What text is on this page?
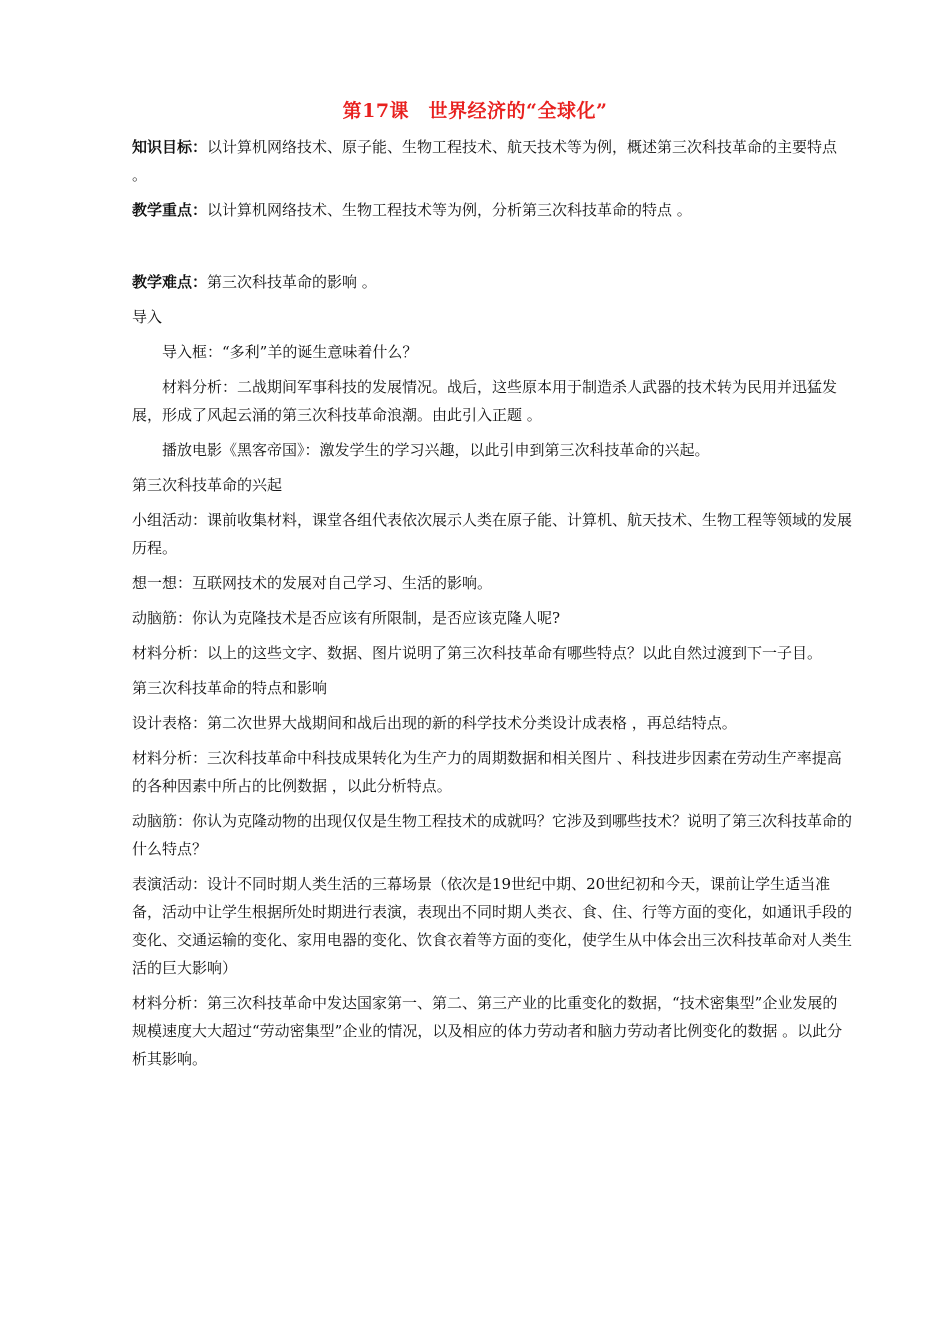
第17课　世界经济的“全球化”

知识目标：以计算机网络技术、原子能、生物工程技术、航天技术等为例，概述第三次科技革命的主要特点 。

教学重点：以计算机网络技术、生物工程技术等为例，分析第三次科技革命的特点 。

教学难点：第三次科技革命的影响 。

导入

导入框：“多利”羊的诞生意味着什么？

材料分析：二战期间军事科技的发展情况。战后，这些原本用于制造杀人武器的技术转为民用并迅猛发展，形成了风起云涌的第三次科技革命浪潮。由此引入正题 。

播放电影《黑客帝国》：激发学生的学习兴趣，以此引申到第三次科技革命的兴起。

第三次科技革命的兴起

小组活动：课前收集材料，课堂各组代表依次展示人类在原子能、计算机、航天技术、生物工程等领域的发展历程。

想一想：互联网技术的发展对自己学习、生活的影响。

动脑筋：你认为克隆技术是否应该有所限制，是否应该克隆人呢?

材料分析：以上的这些文字、数据、图片说明了第三次科技革命有哪些特点？以此自然过渡到下一子目。

第三次科技革命的特点和影响

设计表格：第二次世界大战期间和战后出现的新的科学技术分类设计成表格 ，再总结特点。

材料分析：三次科技革命中科技成果转化为生产力的周期数据和相关图片 、科技进步因素在劳动生产率提高的各种因素中所占的比例数据 ，以此分析特点。

动脑筋：你认为克隆动物的出现仅仅是生物工程技术的成就吗？它涉及到哪些技术？说明了第三次科技革命的什么特点？

表演活动：设计不同时期人类生活的三幕场景（依次是19世纪中期、20世纪初和今天，课前让学生适当准备，活动中让学生根据所处时期进行表演，表现出不同时期人类衣、食、住、行等方面的变化，如通讯手段的变化、交通运输的变化、家用电器的变化、饮食衣着等方面的变化，使学生从中体会出三次科技革命对人类生活的巨大影响）

材料分析：第三次科技革命中发达国家第一、第二、第三产业的比重变化的数据，“技术密集型”企业发展的规模速度大大超过“劳动密集型”企业的情况，以及相应的体力劳动者和脑力劳动者比例变化的数据 。以此分析其影响。
